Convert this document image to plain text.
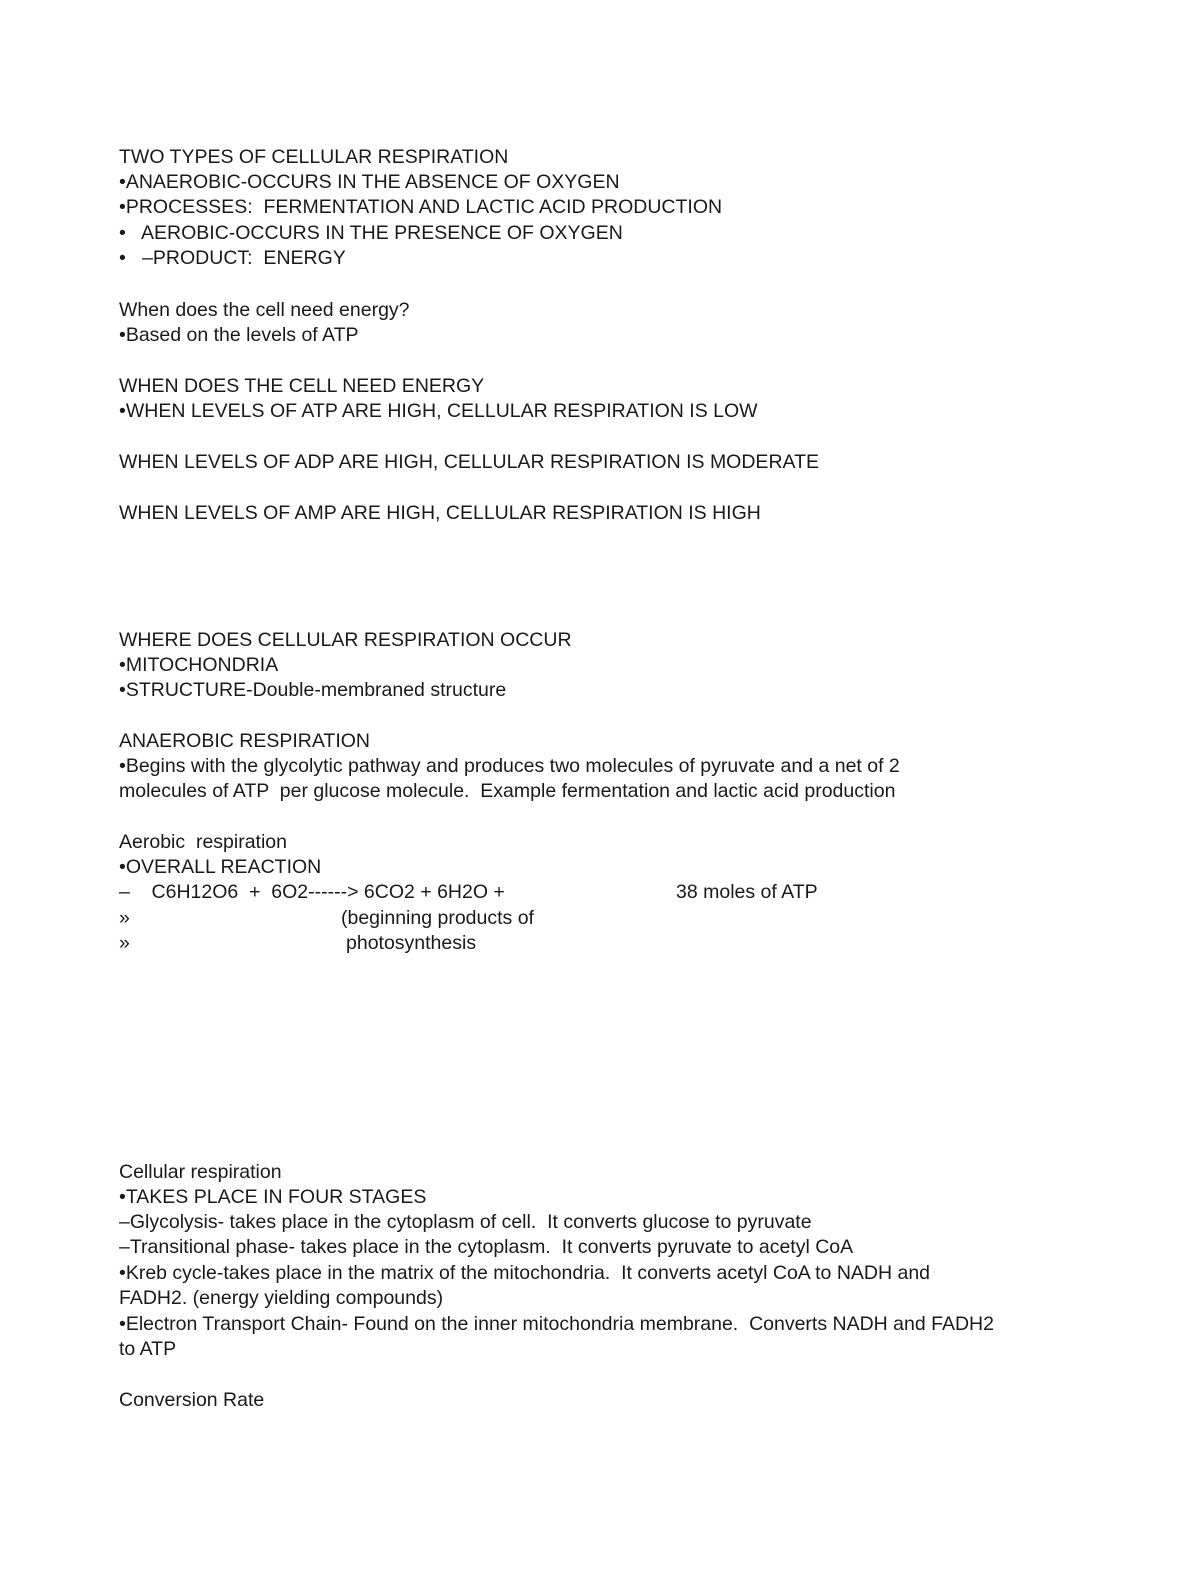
TWO TYPES OF CELLULAR RESPIRATION
•ANAEROBIC-OCCURS IN THE ABSENCE OF OXYGEN
•PROCESSES:  FERMENTATION AND LACTIC ACID PRODUCTION
•   AEROBIC-OCCURS IN THE PRESENCE OF OXYGEN
•   –PRODUCT:  ENERGY
When does the cell need energy?
•Based on the levels of ATP
WHEN DOES THE CELL NEED ENERGY
•WHEN LEVELS OF ATP ARE HIGH, CELLULAR RESPIRATION IS LOW
WHEN LEVELS OF ADP ARE HIGH, CELLULAR RESPIRATION IS MODERATE
WHEN LEVELS OF AMP ARE HIGH, CELLULAR RESPIRATION IS HIGH
WHERE DOES CELLULAR RESPIRATION OCCUR
•MITOCHONDRIA
•STRUCTURE-Double-membraned structure
ANAEROBIC RESPIRATION
•Begins with the glycolytic pathway and produces two molecules of pyruvate and a net of 2
molecules of ATP  per glucose molecule.  Example fermentation and lactic acid production
Aerobic  respiration
•OVERALL REACTION
–    C6H12O6  +  6O2------> 6CO2 + 6H2O +	38 moles of ATP
»	(beginning products of
»	photosynthesis
Cellular respiration
•TAKES PLACE IN FOUR STAGES
–Glycolysis- takes place in the cytoplasm of cell.  It converts glucose to pyruvate
–Transitional phase- takes place in the cytoplasm.  It converts pyruvate to acetyl CoA
•Kreb cycle-takes place in the matrix of the mitochondria.  It converts acetyl CoA to NADH and
FADH2. (energy yielding compounds)
•Electron Transport Chain- Found on the inner mitochondria membrane.  Converts NADH and FADH2
to ATP
Conversion Rate
